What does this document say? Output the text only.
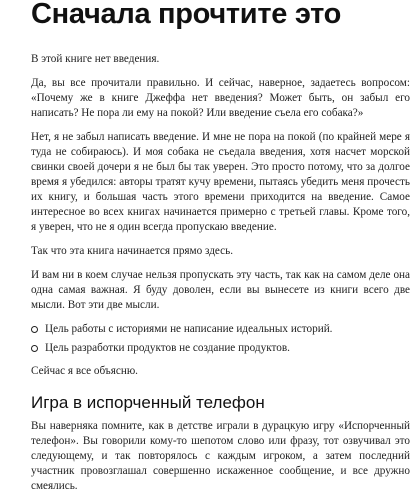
Сначала прочтите это

В этой книге нет введения.

Да, вы все прочитали правильно. И сейчас, наверное, задаетесь вопросом: «Почему же в книге Джеффа нет введения? Может быть, он забыл его написать? Не пора ли ему на покой? Или введение съела его собака?»

Нет, я не забыл написать введение. И мне не пора на покой (по крайней мере я туда не собираюсь). И моя собака не съедала введения, хотя насчет морской свинки своей дочери я не был бы так уверен. Это просто потому, что за долгое время я убедился: авторы тратят кучу времени, пытаясь убедить меня прочесть их книгу, и большая часть этого времени приходится на введение. Самое интересное во всех книгах начинается примерно с третьей главы. Кроме того, я уверен, что не я один всегда пропускаю введение.

Так что эта книга начинается прямо здесь.

И вам ни в коем случае нельзя пропускать эту часть, так как на самом деле она одна самая важная. Я буду доволен, если вы вынесете из книги всего две мысли. Вот эти две мысли.

Цель работы с историями не написание идеальных историй.
Цель разработки продуктов не создание продуктов.

Сейчас я все объясню.

Игра в испорченный телефон

Вы наверняка помните, как в детстве играли в дурацкую игру «Испорченный телефон». Вы говорили кому-то шепотом слово или фразу, тот озвучивал это следующему, и так повторялось с каждым игроком, а затем последний участник провозглашал совершенно искаженное сообщение, и все дружно смеялись.
